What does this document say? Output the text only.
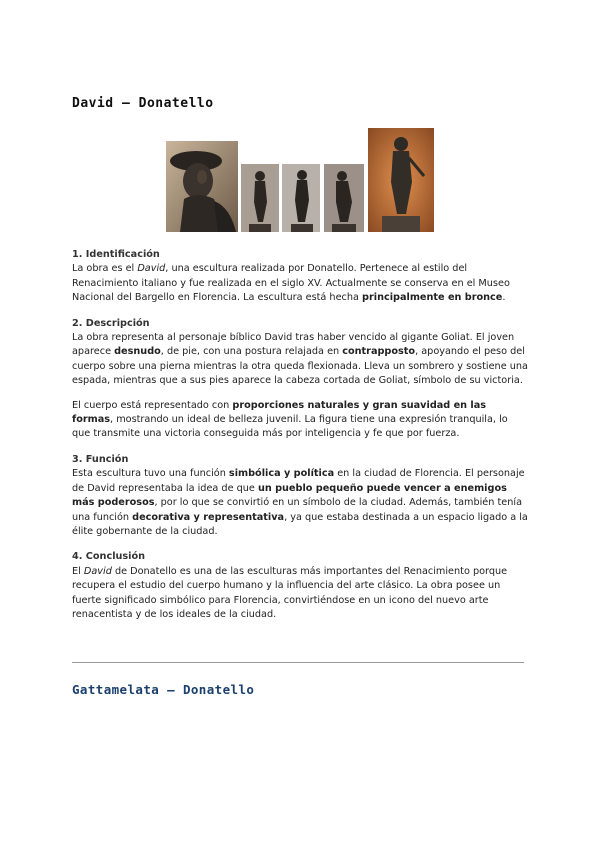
David – Donatello
1. Identificación

La obra es el David, una escultura realizada por Donatello. Pertenece al estilo del Renacimiento italiano y fue realizada en el siglo XV. Actualmente se conserva en el Museo Nacional del Bargello en Florencia. La escultura está hecha principalmente en bronce.

2. Descripción

La obra representa al personaje bíblico David tras haber vencido al gigante Goliat. El joven aparece desnudo, de pie, con una postura relajada en contrapposto, apoyando el peso del cuerpo sobre una pierna mientras la otra queda flexionada. Lleva un sombrero y sostiene una espada, mientras que a sus pies aparece la cabeza cortada de Goliat, símbolo de su victoria.

El cuerpo está representado con proporciones naturales y gran suavidad en las formas, mostrando un ideal de belleza juvenil. La figura tiene una expresión tranquila, lo que transmite una victoria conseguida más por inteligencia y fe que por fuerza.

3. Función

Esta escultura tuvo una función simbólica y política en la ciudad de Florencia. El personaje de David representaba la idea de que un pueblo pequeño puede vencer a enemigos más poderosos, por lo que se convirtió en un símbolo de la ciudad. Además, también tenía una función decorativa y representativa, ya que estaba destinada a un espacio ligado a la élite gobernante de la ciudad.

4. Conclusión

El David de Donatello es una de las esculturas más importantes del Renacimiento porque recupera el estudio del cuerpo humano y la influencia del arte clásico. La obra posee un fuerte significado simbólico para Florencia, convirtiéndose en un icono del nuevo arte renacentista y de los ideales de la ciudad.

Gattamelata – Donatello
